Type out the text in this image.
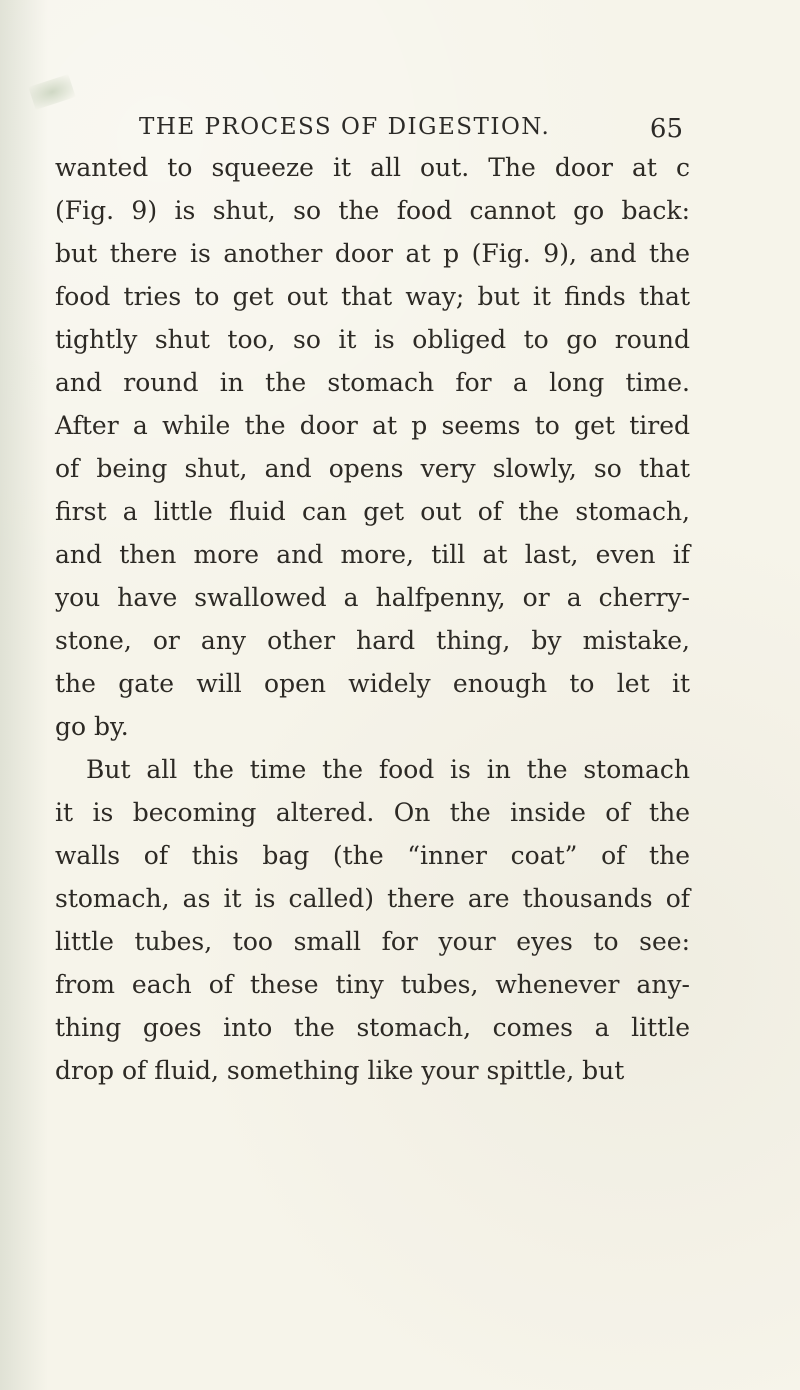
THE PROCESS OF DIGESTION.	65
wanted to squeeze it all out. The door at c
(Fig. 9) is shut, so the food cannot go back:
but there is another door at p (Fig. 9), and the
food tries to get out that way; but it finds that
tightly shut too, so it is obliged to go round
and round in the stomach for a long time.
After a while the door at p seems to get tired
of being shut, and opens very slowly, so that
first a little fluid can get out of the stomach,
and then more and more, till at last, even if
you have swallowed a halfpenny, or a cherry-
stone, or any other hard thing, by mistake,
the gate will open widely enough to let it
go by.
But all the time the food is in the stomach
it is becoming altered. On the inside of the
walls of this bag (the “inner coat” of the
stomach, as it is called) there are thousands of
little tubes, too small for your eyes to see:
from each of these tiny tubes, whenever any-
thing goes into the stomach, comes a little
drop of fluid, something like your spittle, but
